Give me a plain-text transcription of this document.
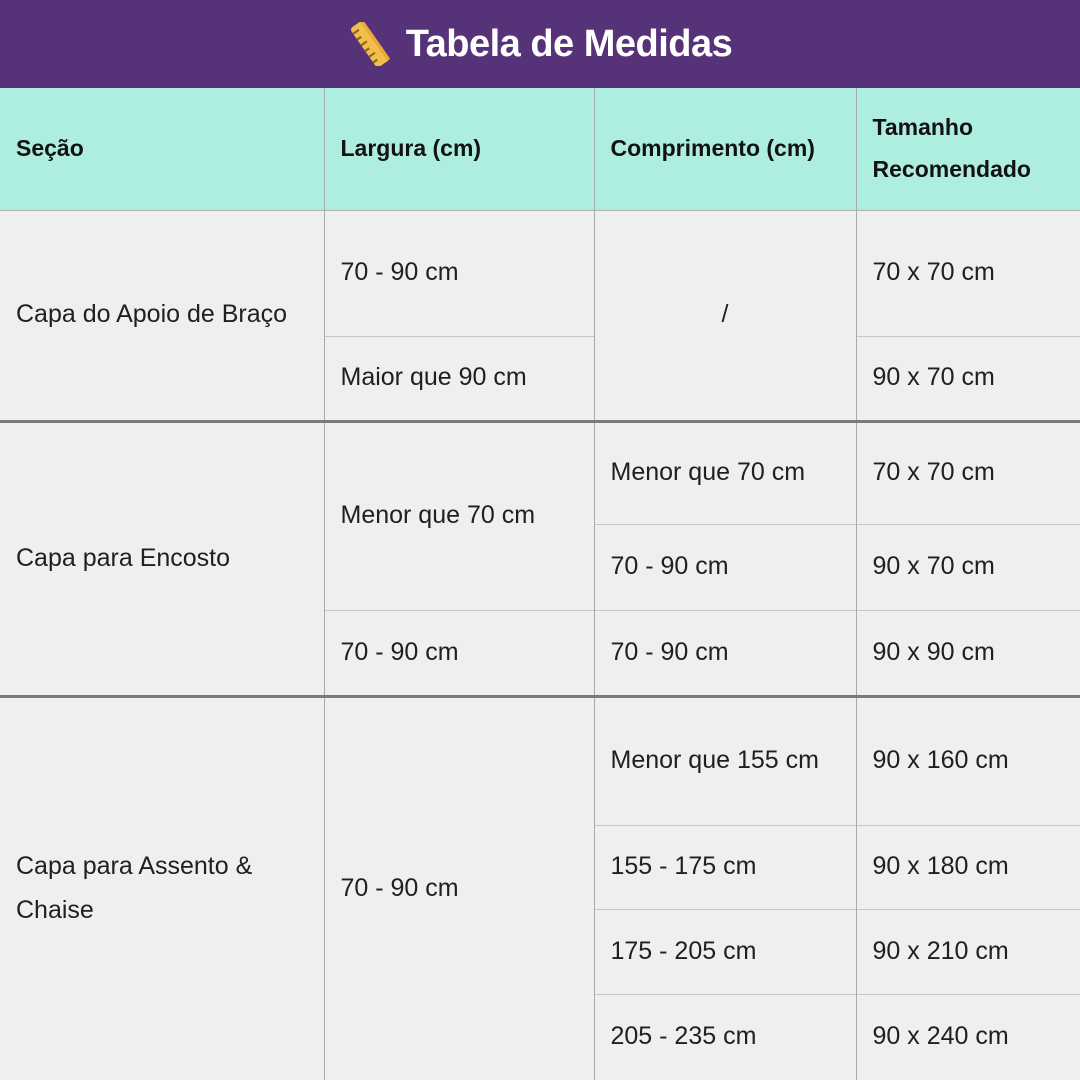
Tabela de Medidas
Seção	Largura (cm)	Comprimento (cm)	Tamanho Recomendado
Capa do Apoio de Braço	70 - 90 cm	/	70 x 70 cm
	Maior que 90 cm		90 x 70 cm
Capa para Encosto	Menor que 70 cm	Menor que 70 cm	70 x 70 cm
		70 - 90 cm	90 x 70 cm
	70 - 90 cm	70 - 90 cm	90 x 90 cm
Capa para Assento & Chaise	70 - 90 cm	Menor que 155 cm	90 x 160 cm
		155 - 175 cm	90 x 180 cm
		175 - 205 cm	90 x 210 cm
		205 - 235 cm	90 x 240 cm
